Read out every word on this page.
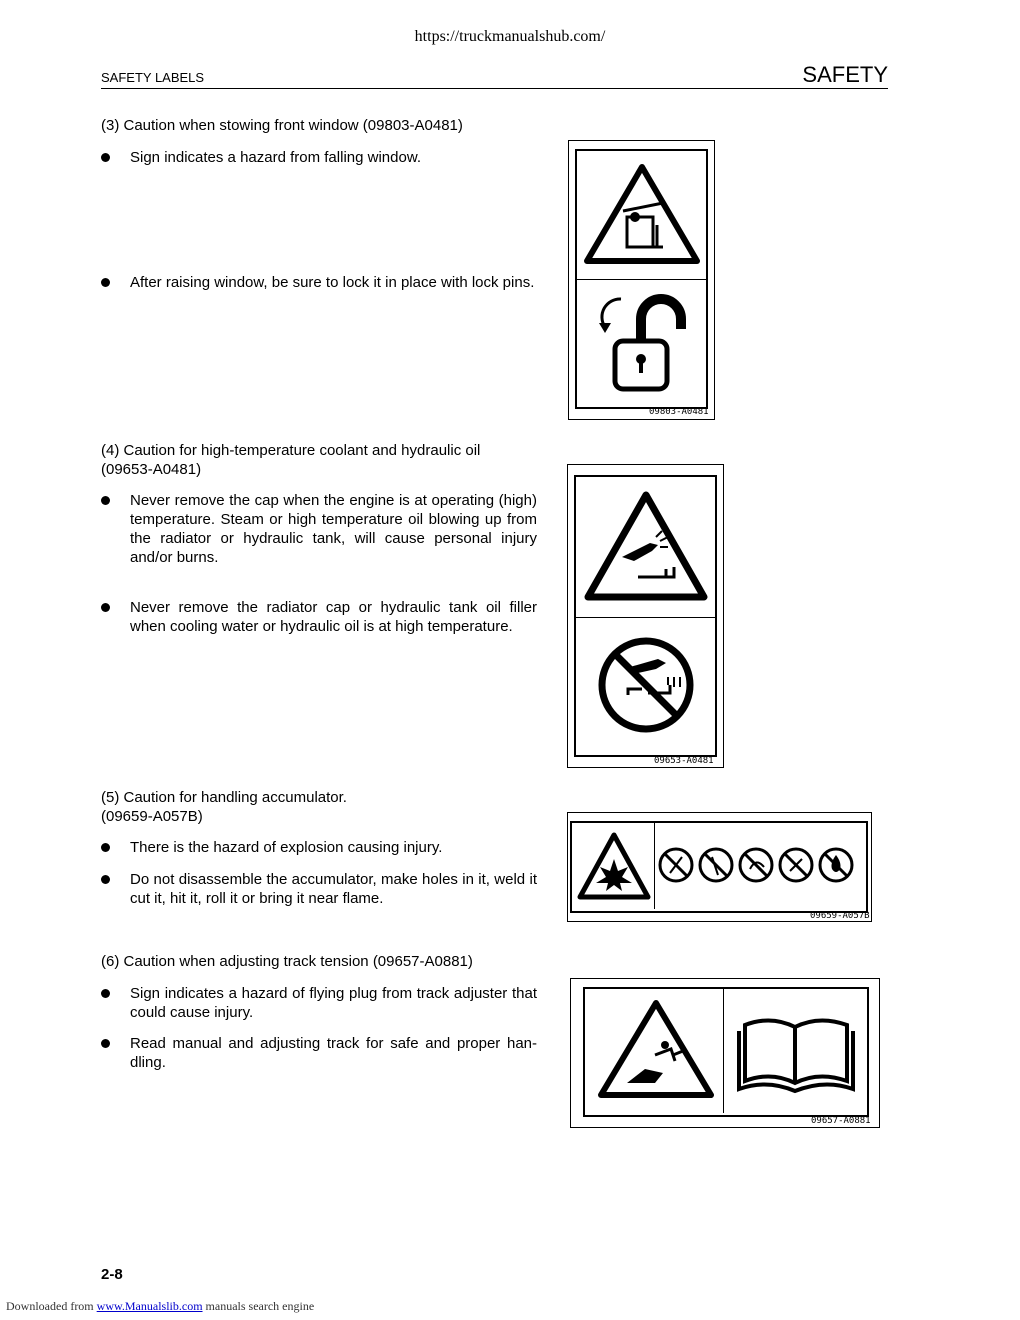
https://truckmanualshub.com/
SAFETY LABELS	SAFETY
(3) Caution when stowing front window (09803-A0481)
Sign indicates a hazard from falling window.
After raising window, be sure to lock it in place with lock pins.
09803-A0481
(4) Caution for high-temperature coolant and hydraulic oil
(09653-A0481)
Never remove the cap when the engine is at operating (high) temperature. Steam or high temperature oil blowing up from the radiator or hydraulic tank, will cause personal injury and/or burns.
Never remove the radiator cap or hydraulic tank oil filler when cooling water or hydraulic oil is at high temperature.
09653-A0481
(5) Caution for handling accumulator.
(09659-A057B)
There is the hazard of explosion causing injury.
Do not disassemble the accumulator, make holes in it, weld it cut it, hit it, roll it or bring it near flame.
09659-A057B
(6) Caution when adjusting track tension (09657-A0881)
Sign indicates a hazard of flying plug from track adjuster that could cause injury.
Read manual and adjusting track for safe and proper han-dling.
09657-A0881
2-8
Downloaded from www.Manualslib.com manuals search engine
